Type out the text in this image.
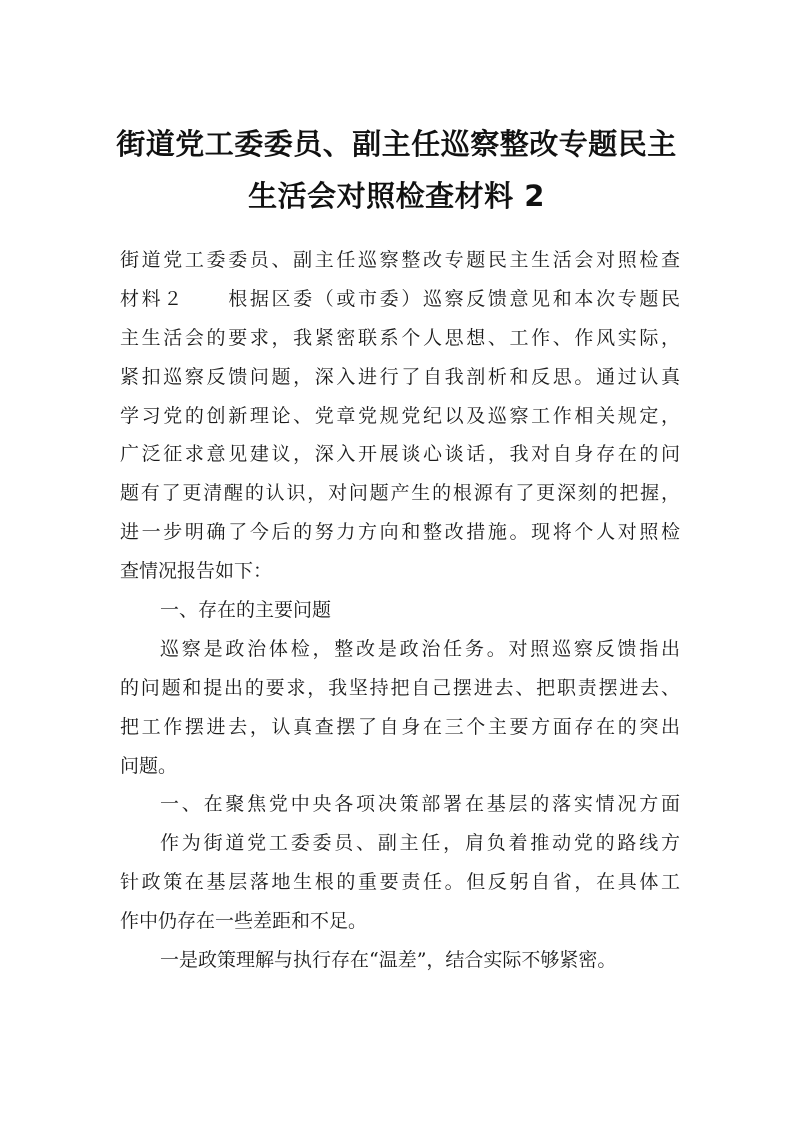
街道党工委委员、副主任巡察整改专题民主
生活会对照检查材料 2
街道党工委委员、副主任巡察整改专题民主生活会对照检查
材料２　　根据区委（或市委）巡察反馈意见和本次专题民
主生活会的要求，我紧密联系个人思想、工作、作风实际，
紧扣巡察反馈问题，深入进行了自我剖析和反思。通过认真
学习党的创新理论、党章党规党纪以及巡察工作相关规定，
广泛征求意见建议，深入开展谈心谈话，我对自身存在的问
题有了更清醒的认识，对问题产生的根源有了更深刻的把握，
进一步明确了今后的努力方向和整改措施。现将个人对照检
查情况报告如下：
一、存在的主要问题
巡察是政治体检，整改是政治任务。对照巡察反馈指出
的问题和提出的要求，我坚持把自己摆进去、把职责摆进去、
把工作摆进去，认真查摆了自身在三个主要方面存在的突出
问题。
一、在聚焦党中央各项决策部署在基层的落实情况方面
作为街道党工委委员、副主任，肩负着推动党的路线方
针政策在基层落地生根的重要责任。但反躬自省，在具体工
作中仍存在一些差距和不足。
一是政策理解与执行存在“温差”，结合实际不够紧密。
